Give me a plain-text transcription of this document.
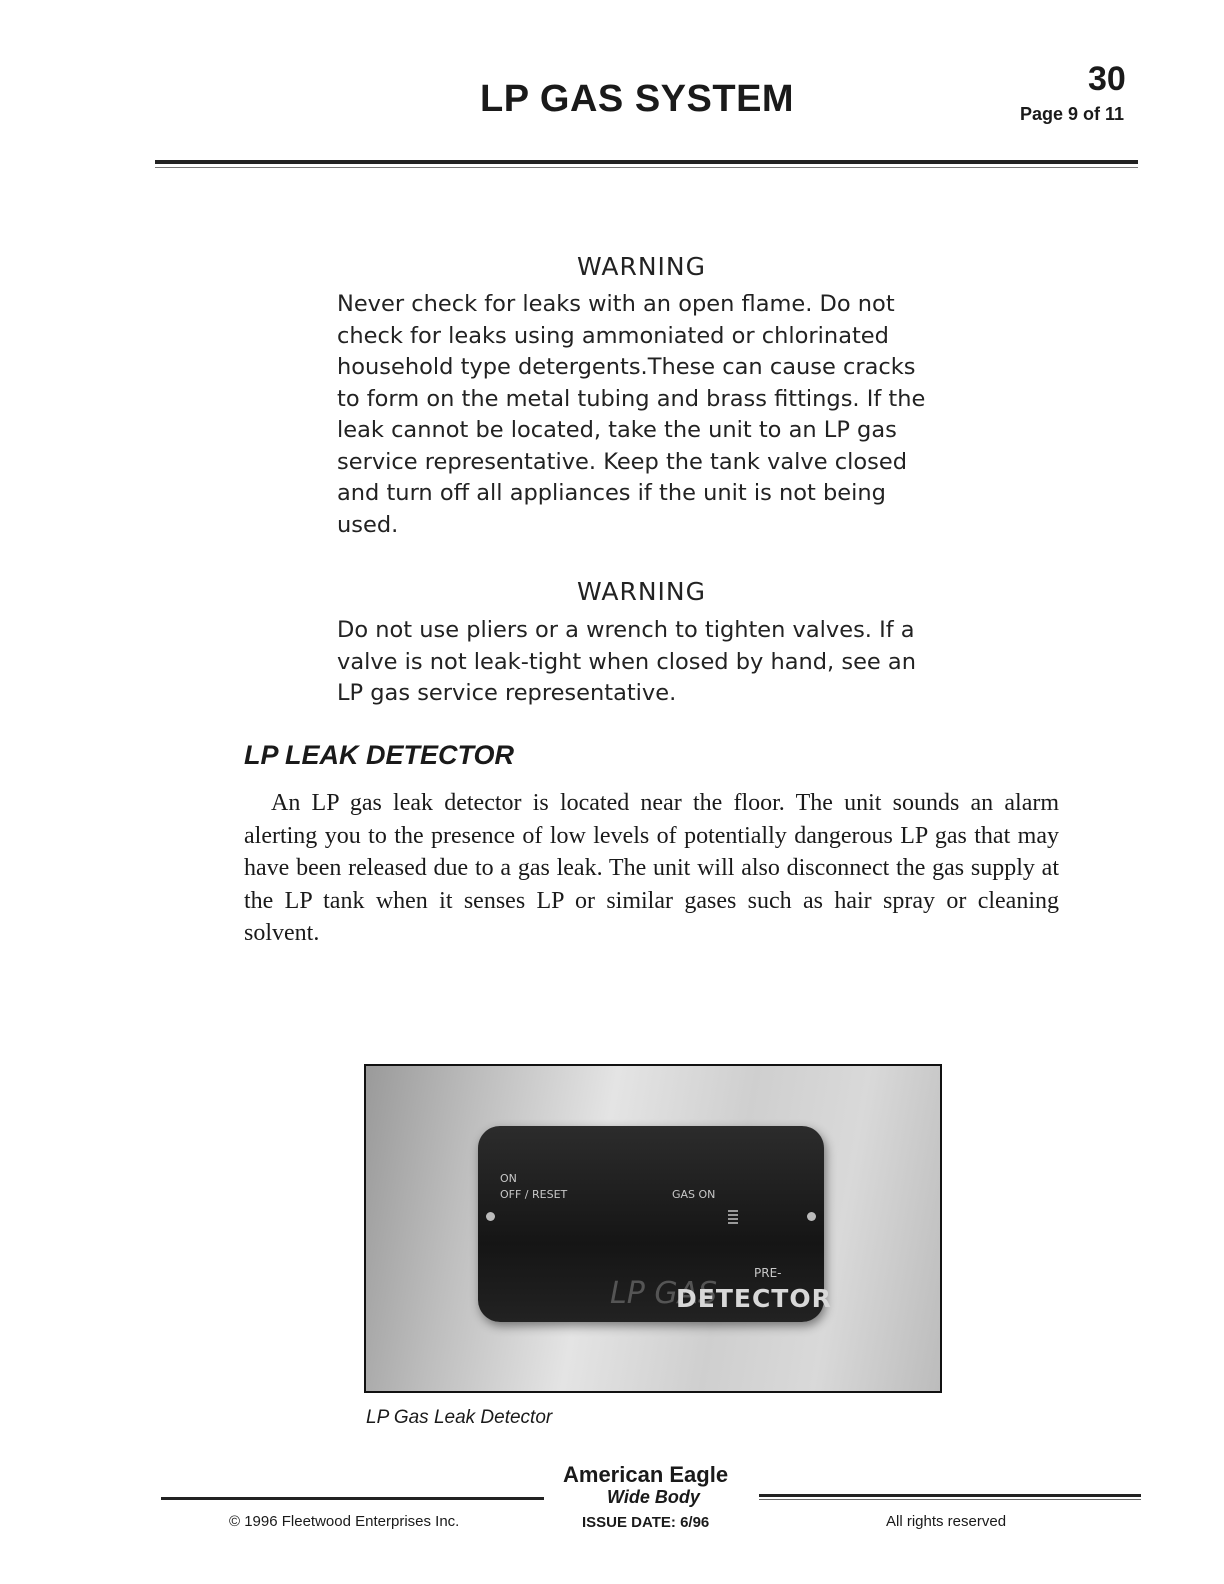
LP GAS SYSTEM	30
Page 9 of 11
WARNING
Never check for leaks with an open flame. Do not
check for leaks using ammoniated or chlorinated
household type detergents.These can cause cracks
to form on the metal tubing and brass fittings. If the
leak cannot be located, take the unit to an LP gas
service representative. Keep the tank valve closed
and turn off all appliances if the unit is not being
used.
WARNING
Do not use pliers or a wrench to tighten valves. If a
valve is not leak-tight when closed by hand, see an
LP gas service representative.
LP LEAK DETECTOR
An LP gas leak detector is located near the floor. The unit sounds an alarm alerting you to the presence of low levels of potentially dangerous LP gas that may have been released due to a gas leak. The unit will also disconnect the gas supply at the LP tank when it senses LP or similar gases such as hair spray or cleaning solvent.
ON
OFF / RESET	GAS ON
PRE-
LP GAS
DETECTOR
LP Gas Leak Detector
American Eagle
Wide Body
ISSUE DATE: 6/96
© 1996 Fleetwood Enterprises Inc.	All rights reserved
